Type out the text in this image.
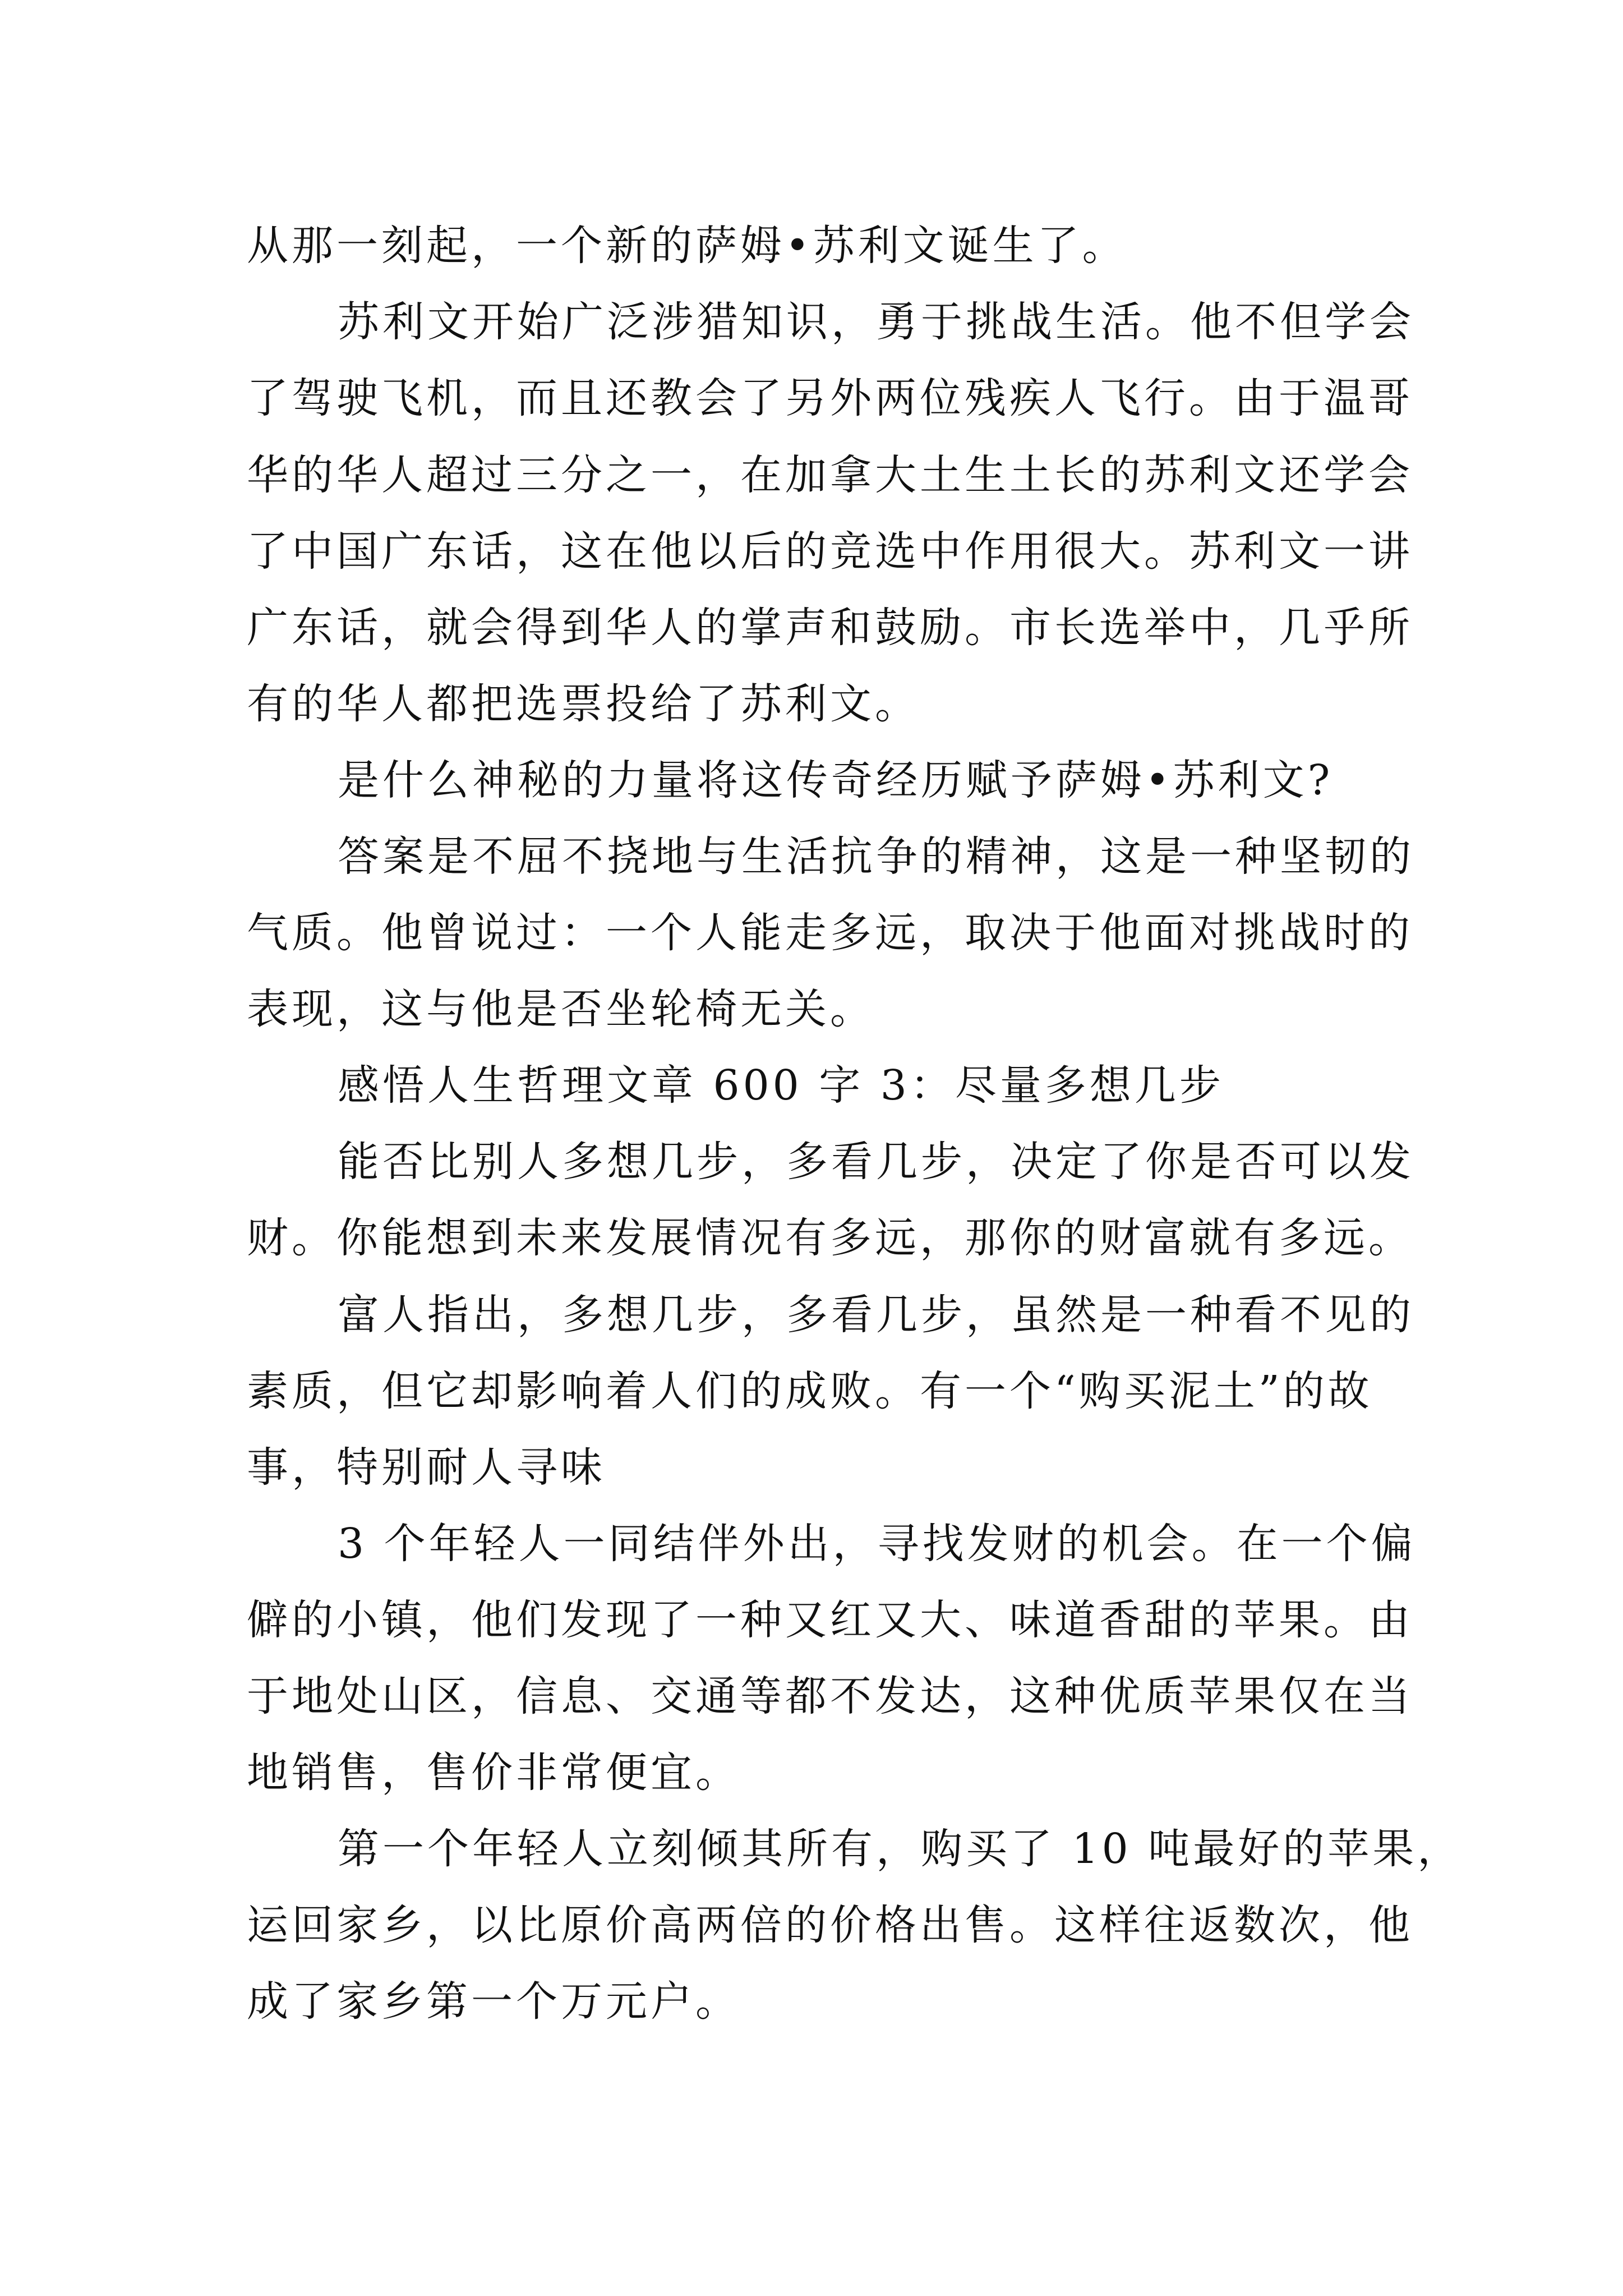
从那一刻起，一个新的萨姆•苏利文诞生了。
苏利文开始广泛涉猎知识，勇于挑战生活。他不但学会
了驾驶飞机，而且还教会了另外两位残疾人飞行。由于温哥
华的华人超过三分之一，在加拿大土生土长的苏利文还学会
了中国广东话，这在他以后的竞选中作用很大。苏利文一讲
广东话，就会得到华人的掌声和鼓励。市长选举中，几乎所
有的华人都把选票投给了苏利文。
是什么神秘的力量将这传奇经历赋予萨姆•苏利文?
答案是不屈不挠地与生活抗争的精神，这是一种坚韧的
气质。他曾说过：一个人能走多远，取决于他面对挑战时的
表现，这与他是否坐轮椅无关。
感悟人生哲理文章 600 字 3：尽量多想几步
能否比别人多想几步，多看几步，决定了你是否可以发
财。你能想到未来发展情况有多远，那你的财富就有多远。
富人指出，多想几步，多看几步，虽然是一种看不见的
素质，但它却影响着人们的成败。有一个“购买泥土”的故
事，特别耐人寻味
3 个年轻人一同结伴外出，寻找发财的机会。在一个偏
僻的小镇，他们发现了一种又红又大、味道香甜的苹果。由
于地处山区，信息、交通等都不发达，这种优质苹果仅在当
地销售，售价非常便宜。
第一个年轻人立刻倾其所有，购买了 10 吨最好的苹果，
运回家乡，以比原价高两倍的价格出售。这样往返数次，他
成了家乡第一个万元户。
